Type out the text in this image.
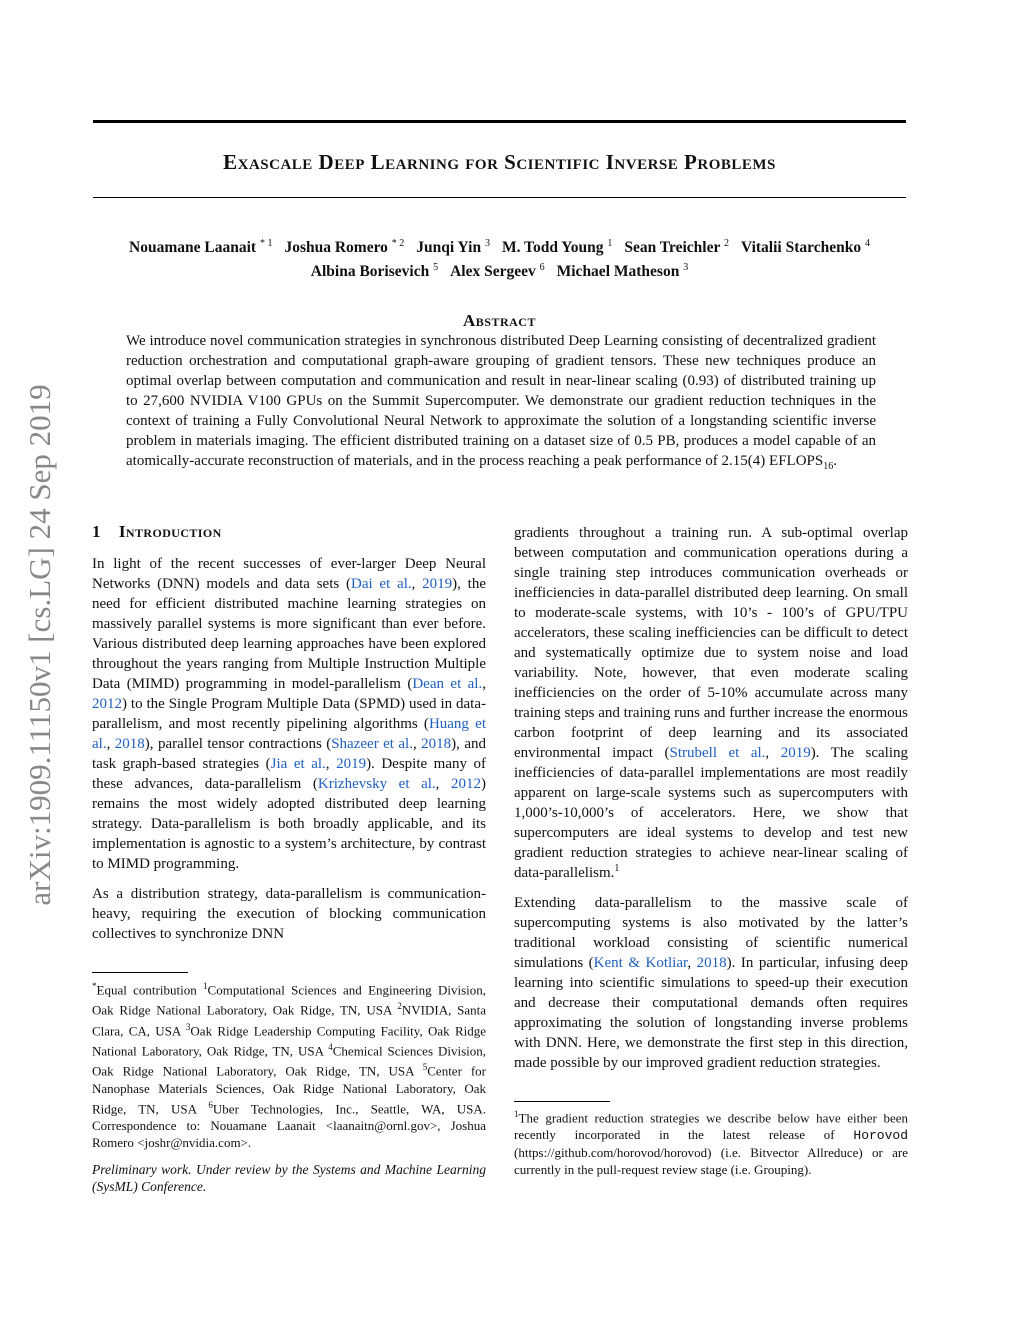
Exascale Deep Learning for Scientific Inverse Problems
Nouamane Laanait $^{* 1}$ Joshua Romero $^{* 2}$ Junqi Yin $^3$ M. Todd Young $^1$ Sean Treichler $^2$ Vitalii Starchenko $^4$
Albina Borisevich $^5$ Alex Sergeev $^6$ Michael Matheson $^3$
Abstract
We introduce novel communication strategies in synchronous distributed Deep Learning consisting of decentralized gradient reduction orchestration and computational graph-aware grouping of gradient tensors. These new techniques produce an optimal overlap between computation and communication and result in near-linear scaling (0.93) of distributed training up to 27,600 NVIDIA V100 GPUs on the Summit Supercomputer. We demonstrate our gradient reduction techniques in the context of training a Fully Convolutional Neural Network to approximate the solution of a longstanding scientific inverse problem in materials imaging. The efficient distributed training on a dataset size of 0.5 PB, produces a model capable of an atomically-accurate reconstruction of materials, and in the process reaching a peak performance of 2.15(4) $EFLOPS_{16}$.
arXiv:1909.11150v1 [cs.LG] 24 Sep 2019 1 Introduction

In light of the recent successes of ever-larger Deep Neural Networks (DNN) models and data sets (Dai et al., 2019), the need for efficient distributed machine learning strategies on massively parallel systems is more significant than ever before. Various distributed deep learning approaches have been explored throughout the years ranging from Multiple Instruction Multiple Data (MIMD) programming in model-parallelism (Dean et al., 2012) to the Single Program Multiple Data (SPMD) used in data-parallelism, and most recently pipelining algorithms (Huang et al., 2018), parallel tensor contractions (Shazeer et al., 2018), and task graph-based strategies (Jia et al., 2019). Despite many of these advances, data-parallelism (Krizhevsky et al., 2012) remains the most widely adopted distributed deep learning strategy. Data-parallelism is both broadly applicable, and its implementation is agnostic to a system’s architecture, by contrast to MIMD programming.

As a distribution strategy, data-parallelism is communication-heavy, requiring the execution of blocking communication collectives to synchronize DNN

gradients throughout a training run. A sub-optimal overlap between computation and communication operations during a single training step introduces communication overheads or inefficiencies in data-parallel distributed deep learning. On small to moderate-scale systems, with 10’s - 100’s of GPU/TPU accelerators, these scaling inefficiencies can be difficult to detect and systematically optimize due to system noise and load variability. Note, however, that even moderate scaling inefficiencies on the order of 5-10% accumulate across many training steps and training runs and further increase the enormous carbon footprint of deep learning and its associated environmental impact (Strubell et al., 2019). The scaling inefficiencies of data-parallel implementations are most readily apparent on large-scale systems such as supercomputers with 1,000’s-10,000’s of accelerators. Here, we show that supercomputers are ideal systems to develop and test new gradient reduction strategies to achieve near-linear scaling of data-parallelism.$^1$

Extending data-parallelism to the massive scale of supercomputing systems is also motivated by the latter’s traditional workload consisting of scientific numerical simulations (Kent & Kotliar, 2018). In particular, infusing deep learning into scientific simulations to speed-up their execution and decrease their computational demands often requires approximating the solution of longstanding inverse problems with DNN. Here, we demonstrate the first step in this direction, made possible by our improved gradient reduction strategies.

*Equal contribution $^1$Computational Sciences and Engineering Division, Oak Ridge National Laboratory, Oak Ridge, TN, USA $^2$NVIDIA, Santa Clara, CA, USA $^3$Oak Ridge Leadership Computing Facility, Oak Ridge National Laboratory, Oak Ridge, TN, USA $^4$Chemical Sciences Division, Oak Ridge National Laboratory, Oak Ridge, TN, USA $^5$Center for Nanophase Materials Sciences, Oak Ridge National Laboratory, Oak Ridge, TN, USA $^6$Uber Technologies, Inc., Seattle, WA, USA. Correspondence to: Nouamane Laanait <laanaitn@ornl.gov>, Joshua Romero <joshr@nvidia.com>.
Preliminary work. Under review by the Systems and Machine Learning (SysML) Conference.
$^1$The gradient reduction strategies we describe below have either been recently incorporated in the latest release of Horovod (https://github.com/horovod/horovod) (i.e. Bitvector Allreduce) or are currently in the pull-request review stage (i.e. Grouping).
